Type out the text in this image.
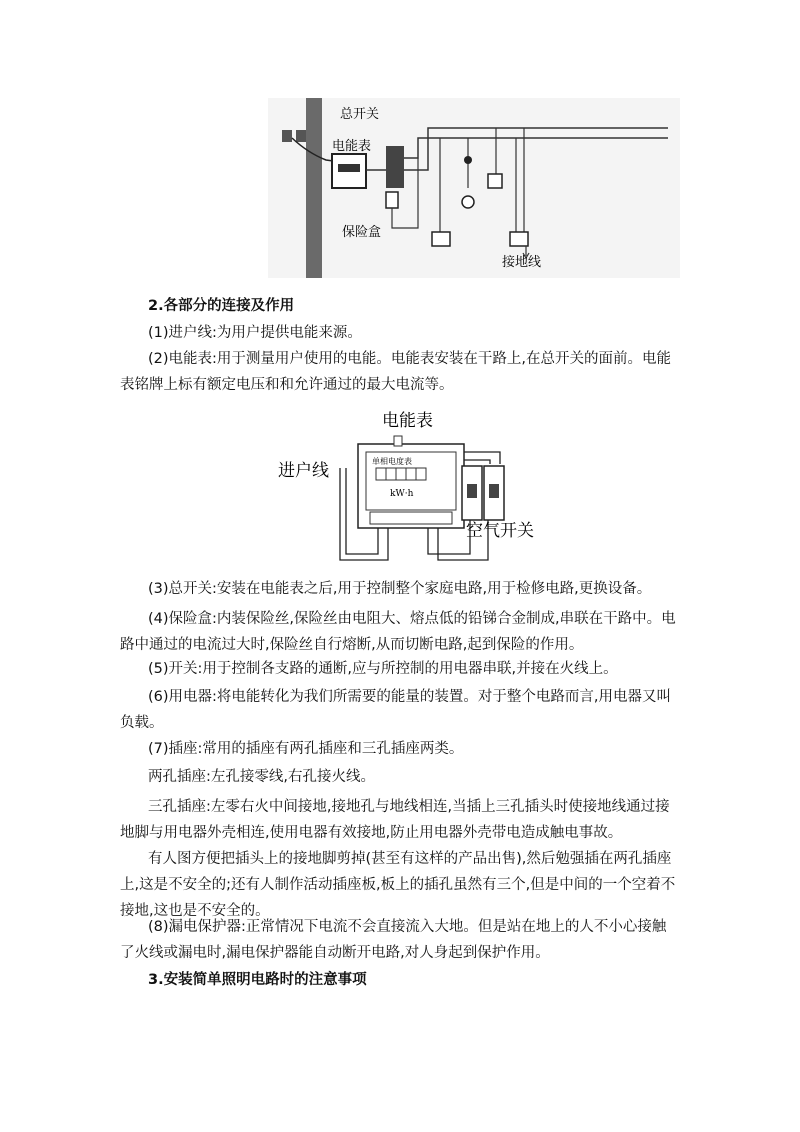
总开关
电能表
保险盒
接地线
2.各部分的连接及作用
(1)进户线:为用户提供电能来源。
(2)电能表:用于测量用户使用的电能。电能表安装在干路上,在总开关的面前。电能表铭牌上标有额定电压和和允许通过的最大电流等。
单相电度表
kW·h
电能表
进户线
空气开关
(3)总开关:安装在电能表之后,用于控制整个家庭电路,用于检修电路,更换设备。
(4)保险盒:内装保险丝,保险丝由电阻大、熔点低的铅锑合金制成,串联在干路中。电路中通过的电流过大时,保险丝自行熔断,从而切断电路,起到保险的作用。
(5)开关:用于控制各支路的通断,应与所控制的用电器串联,并接在火线上。
(6)用电器:将电能转化为我们所需要的能量的装置。对于整个电路而言,用电器又叫负载。
(7)插座:常用的插座有两孔插座和三孔插座两类。
两孔插座:左孔接零线,右孔接火线。
三孔插座:左零右火中间接地,接地孔与地线相连,当插上三孔插头时使接地线通过接地脚与用电器外壳相连,使用电器有效接地,防止用电器外壳带电造成触电事故。
有人图方便把插头上的接地脚剪掉(甚至有这样的产品出售),然后勉强插在两孔插座上,这是不安全的;还有人制作活动插座板,板上的插孔虽然有三个,但是中间的一个空着不接地,这也是不安全的。
(8)漏电保护器:正常情况下电流不会直接流入大地。但是站在地上的人不小心接触了火线或漏电时,漏电保护器能自动断开电路,对人身起到保护作用。
3.安装简单照明电路时的注意事项
